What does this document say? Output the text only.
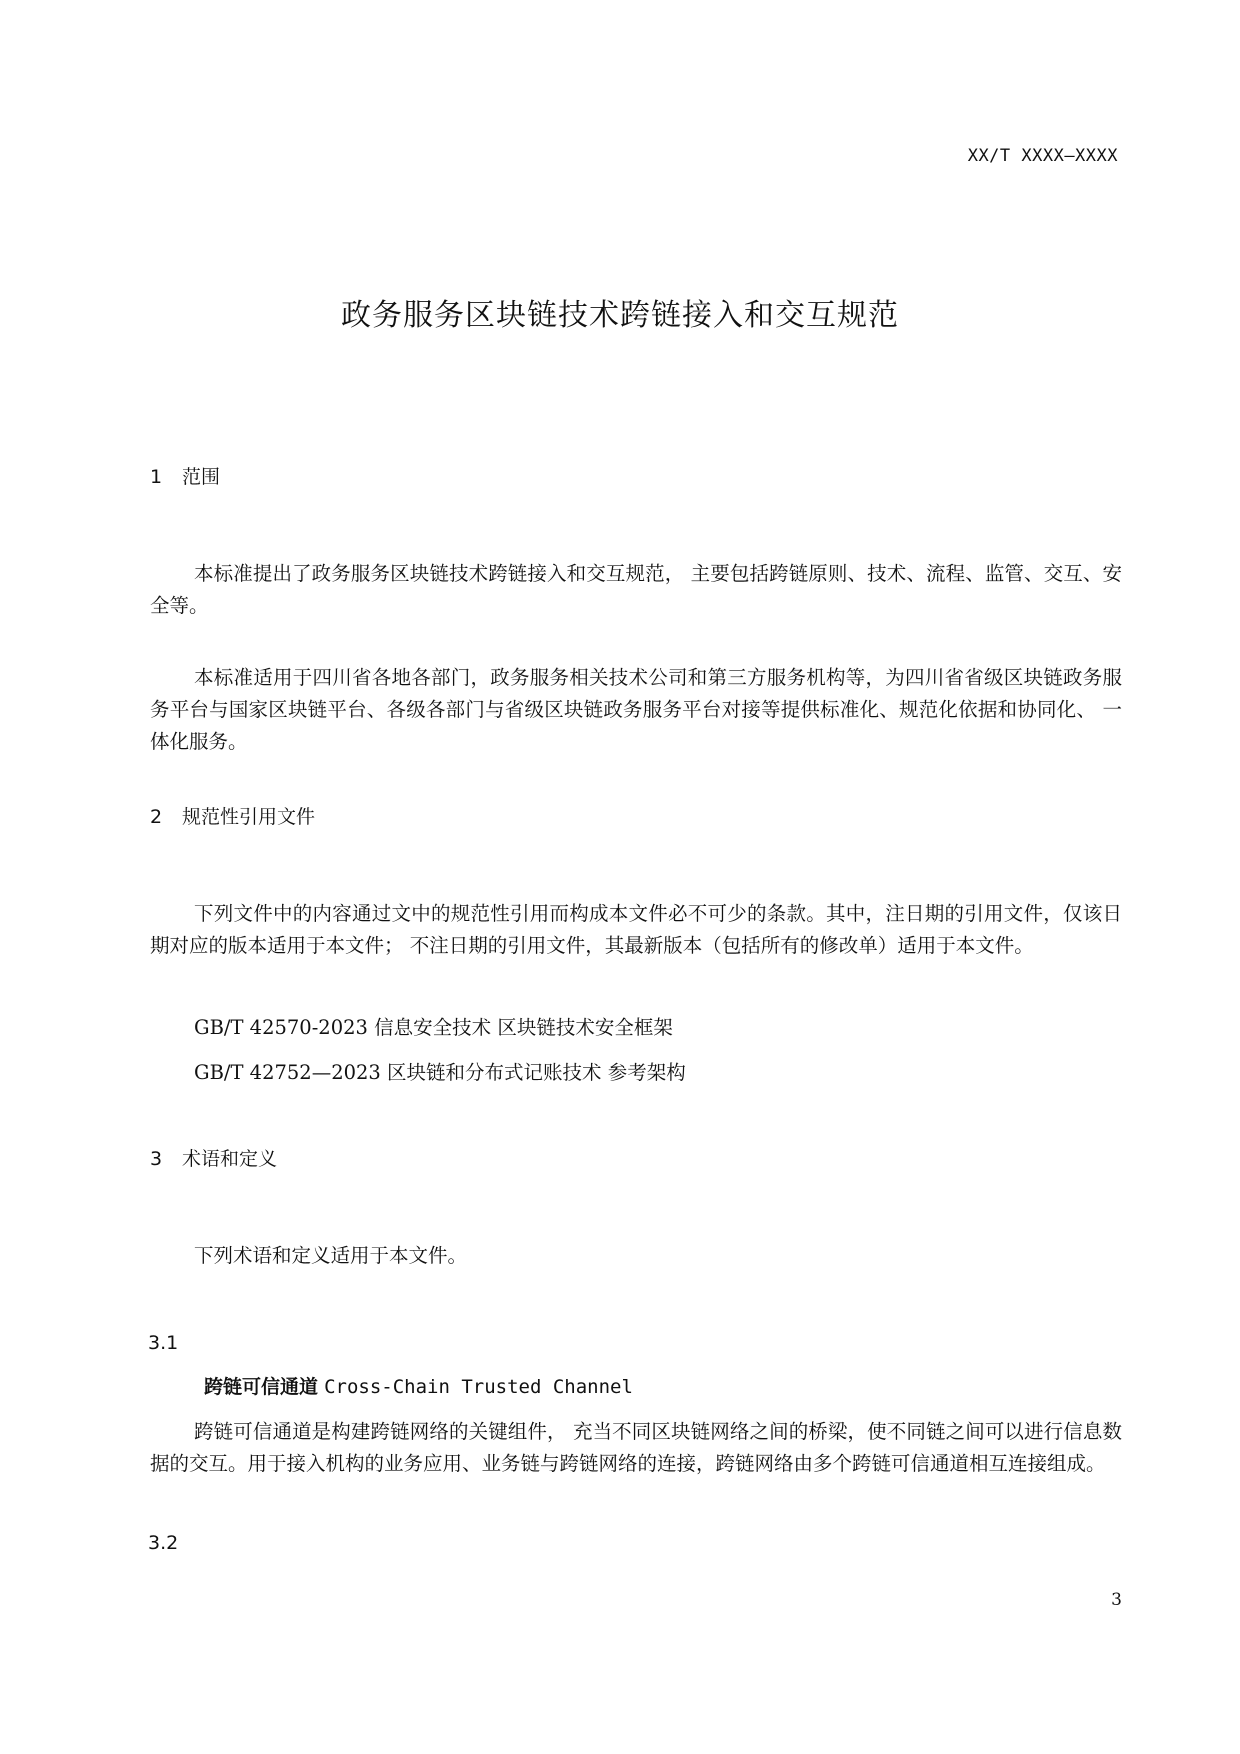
XX/T XXXX—XXXX
政务服务区块链技术跨链接入和交互规范
1 范围
本标准提出了政务服务区块链技术跨链接入和交互规范， 主要包括跨链原则、技术、流程、监管、交互、安全等。
本标准适用于四川省各地各部门，政务服务相关技术公司和第三方服务机构等，为四川省省级区块链政务服务平台与国家区块链平台、各级各部门与省级区块链政务服务平台对接等提供标准化、规范化依据和协同化、 一体化服务。
2 规范性引用文件
下列文件中的内容通过文中的规范性引用而构成本文件必不可少的条款。其中，注日期的引用文件，仅该日期对应的版本适用于本文件； 不注日期的引用文件，其最新版本（包括所有的修改单）适用于本文件。
GB/T 42570-2023 信息安全技术 区块链技术安全框架
GB/T 42752—2023 区块链和分布式记账技术 参考架构
3 术语和定义
下列术语和定义适用于本文件。
3.1
跨链可信通道 Cross-Chain Trusted Channel
跨链可信通道是构建跨链网络的关键组件， 充当不同区块链网络之间的桥梁，使不同链之间可以进行信息数据的交互。用于接入机构的业务应用、业务链与跨链网络的连接，跨链网络由多个跨链可信通道相互连接组成。
3.2
3
